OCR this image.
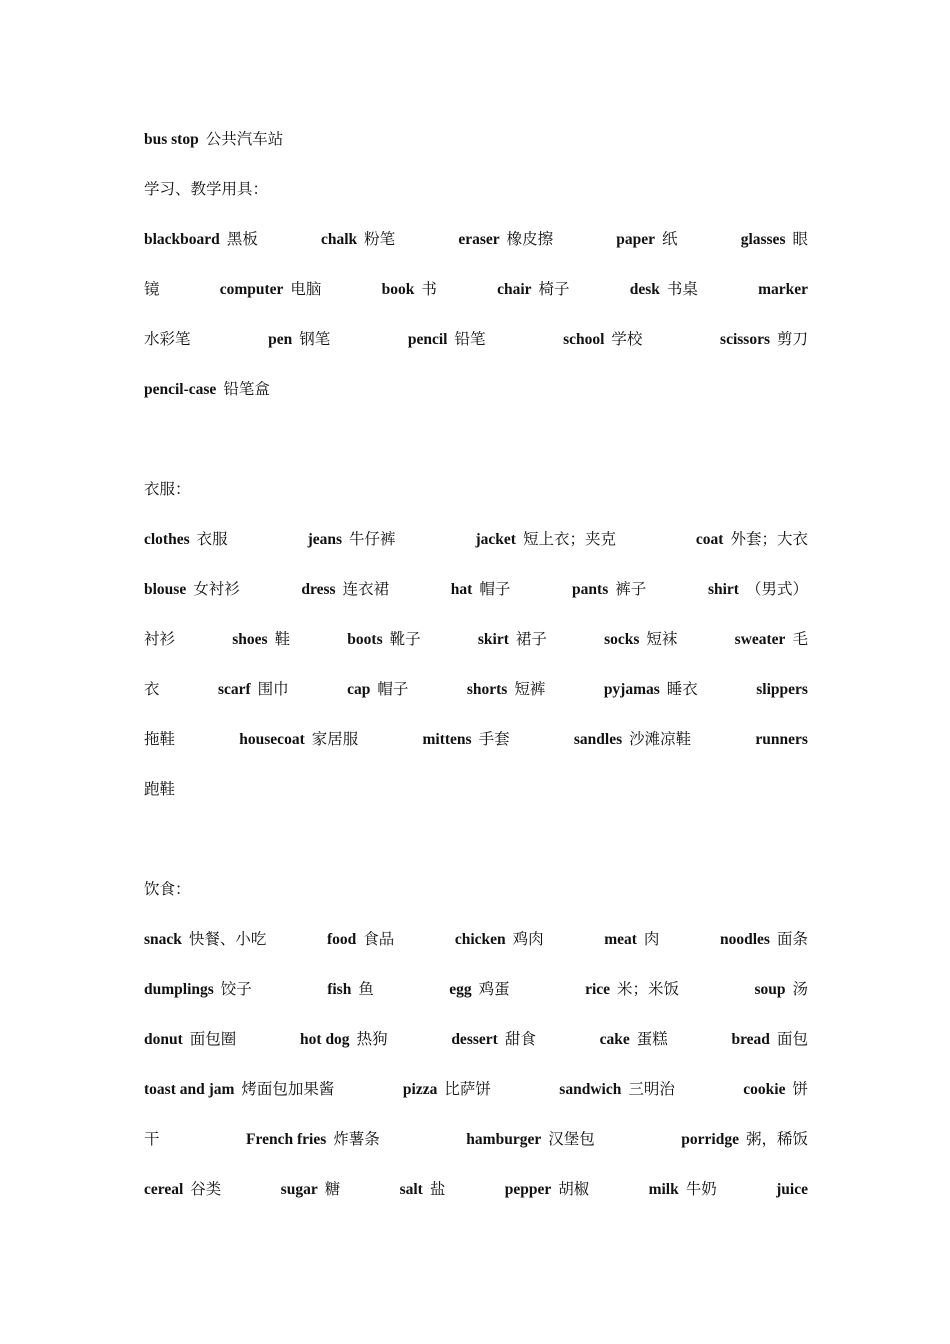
bus stop 公共汽车站
学习、教学用具：
blackboard 黑板	chalk 粉笔	eraser 橡皮擦	paper 纸	glasses 眼
镜	computer 电脑	book 书	chair 椅子	desk 书桌	marker
水彩笔	pen 钢笔	pencil 铅笔	school 学校	scissors 剪刀
pencil-case 铅笔盒
衣服：
clothes 衣服	jeans 牛仔裤	jacket 短上衣；夹克	coat 外套；大衣
blouse 女衬衫	dress 连衣裙	hat 帽子	pants 裤子	shirt （男式）
衬衫	shoes 鞋	boots 靴子	skirt 裙子	socks 短袜	sweater 毛
衣	scarf 围巾	cap 帽子	shorts 短裤	pyjamas 睡衣	slippers
拖鞋	housecoat 家居服	mittens 手套	sandles 沙滩凉鞋	runners
跑鞋
饮食：
snack 快餐、小吃	food 食品	chicken 鸡肉	meat 肉	noodles 面条
dumplings 饺子	fish 鱼	egg 鸡蛋	rice 米；米饭	soup 汤
donut 面包圈	hot dog 热狗	dessert 甜食	cake 蛋糕	bread 面包
toast and jam 烤面包加果酱	pizza 比萨饼	sandwich 三明治	cookie 饼
干	French fries 炸薯条	hamburger 汉堡包	porridge 粥，稀饭
cereal 谷类	sugar 糖	salt 盐	pepper 胡椒	milk 牛奶	juice
